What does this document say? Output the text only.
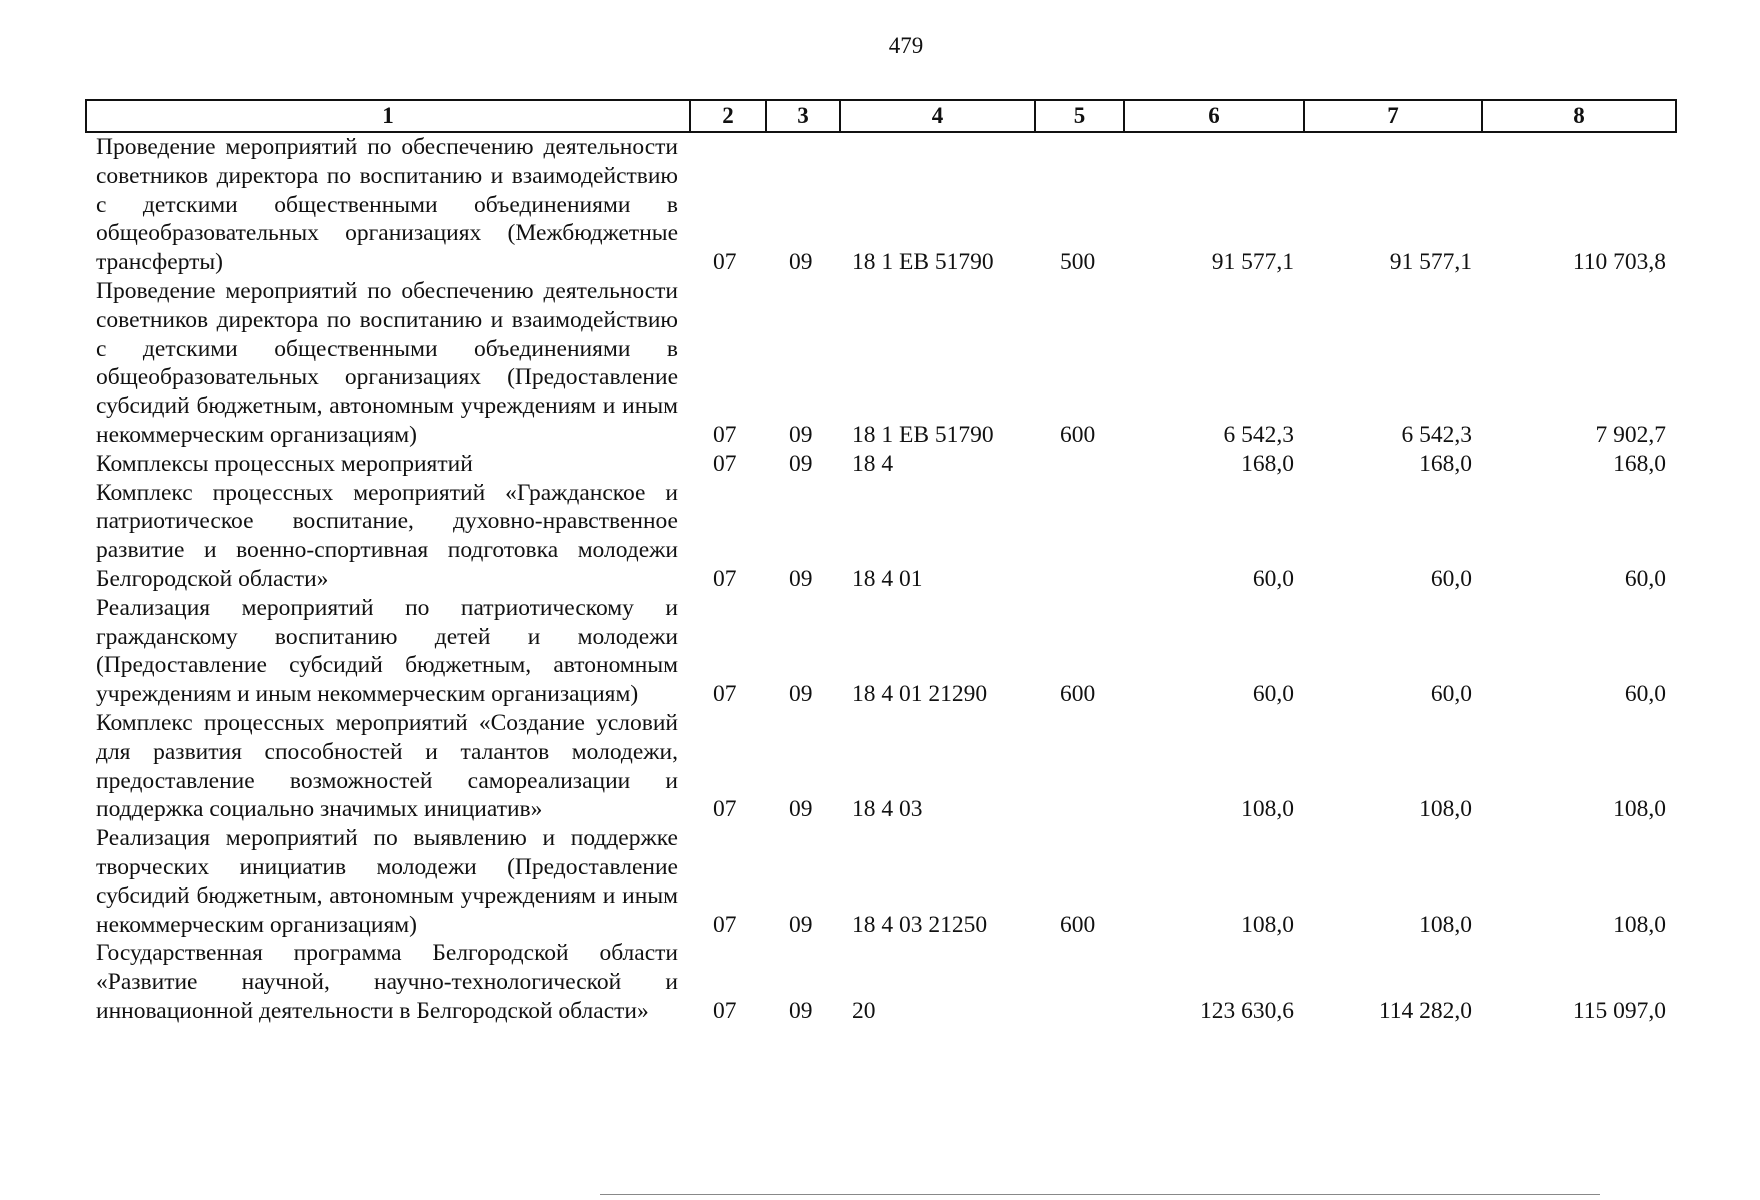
479
1	2	3	4	5	6	7	8
Проведение мероприятий по обеспечению деятельности советников директора по воспитанию и взаимодействию с детскими общественными объединениями в общеобразовательных организациях (Межбюджетные трансферты)	07	09	18 1 EB 51790	500	91 577,1	91 577,1	110 703,8
Проведение мероприятий по обеспечению деятельности советников директора по воспитанию и взаимодействию с детскими общественными объединениями в общеобразовательных организациях (Предоставление субсидий бюджетным, автономным учреждениям и иным некоммерческим организациям)	07	09	18 1 EB 51790	600	6 542,3	6 542,3	7 902,7
Комплексы процессных мероприятий	07	09	18 4		168,0	168,0	168,0
Комплекс процессных мероприятий «Гражданское и патриотическое воспитание, духовно-нравственное развитие и военно-спортивная подготовка молодежи Белгородской области»	07	09	18 4 01		60,0	60,0	60,0
Реализация мероприятий по патриотическому и гражданскому воспитанию детей и молодежи (Предоставление субсидий бюджетным, автономным учреждениям и иным некоммерческим организациям)	07	09	18 4 01 21290	600	60,0	60,0	60,0
Комплекс процессных мероприятий «Создание условий для развития способностей и талантов молодежи, предоставление возможностей самореализации и поддержка социально значимых инициатив»	07	09	18 4 03		108,0	108,0	108,0
Реализация мероприятий по выявлению и поддержке творческих инициатив молодежи (Предоставление субсидий бюджетным, автономным учреждениям и иным некоммерческим организациям)	07	09	18 4 03 21250	600	108,0	108,0	108,0
Государственная программа Белгородской области «Развитие научной, научно-технологической и инновационной деятельности в Белгородской области»	07	09	20		123 630,6	114 282,0	115 097,0
